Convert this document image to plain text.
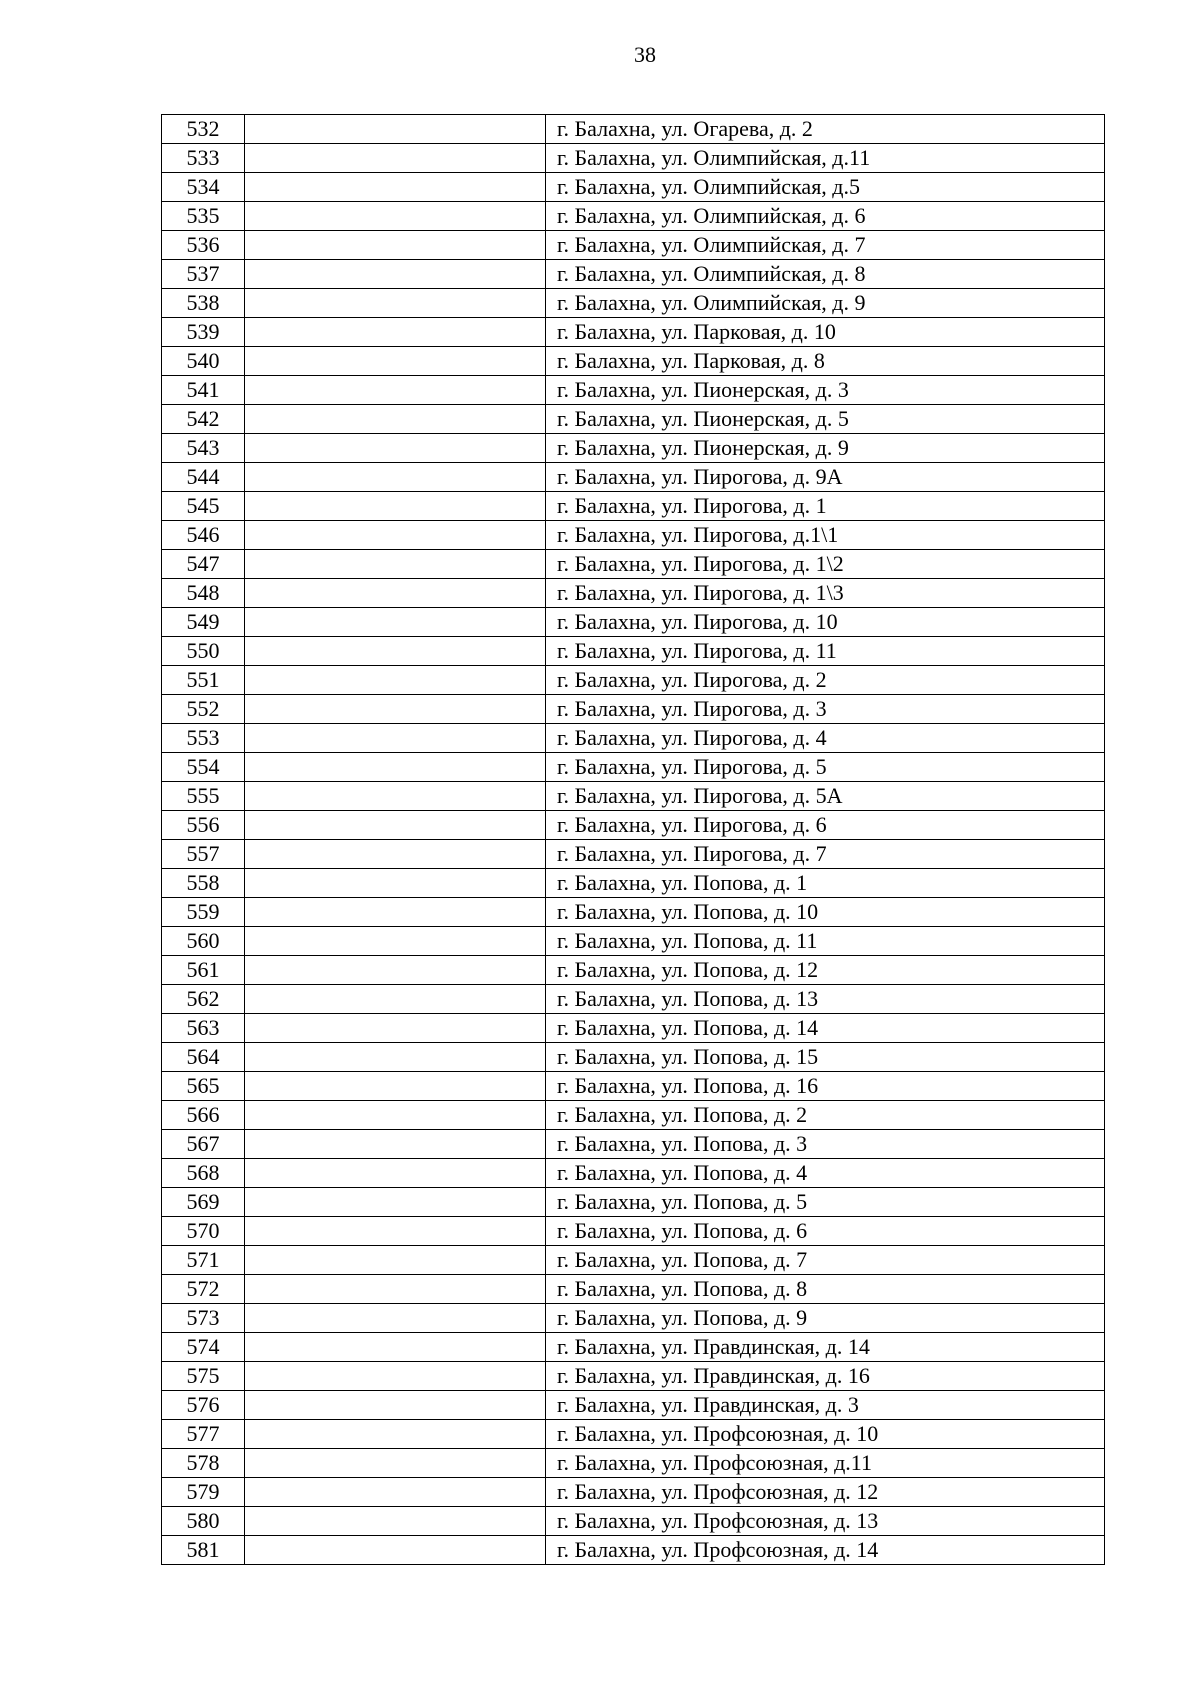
38
532		г. Балахна, ул. Огарева, д. 2
533		г. Балахна, ул. Олимпийская, д.11
534		г. Балахна, ул. Олимпийская, д.5
535		г. Балахна, ул. Олимпийская, д. 6
536		г. Балахна, ул. Олимпийская, д. 7
537		г. Балахна, ул. Олимпийская, д. 8
538		г. Балахна, ул. Олимпийская, д. 9
539		г. Балахна, ул. Парковая, д. 10
540		г. Балахна, ул. Парковая, д. 8
541		г. Балахна, ул. Пионерская, д. 3
542		г. Балахна, ул. Пионерская, д. 5
543		г. Балахна, ул. Пионерская, д. 9
544		г. Балахна, ул. Пирогова, д. 9А
545		г. Балахна, ул. Пирогова, д. 1
546		г. Балахна, ул. Пирогова, д.1\1
547		г. Балахна, ул. Пирогова, д. 1\2
548		г. Балахна, ул. Пирогова, д. 1\3
549		г. Балахна, ул. Пирогова, д. 10
550		г. Балахна, ул. Пирогова, д. 11
551		г. Балахна, ул. Пирогова, д. 2
552		г. Балахна, ул. Пирогова, д. 3
553		г. Балахна, ул. Пирогова, д. 4
554		г. Балахна, ул. Пирогова, д. 5
555		г. Балахна, ул. Пирогова, д. 5А
556		г. Балахна, ул. Пирогова, д. 6
557		г. Балахна, ул. Пирогова, д. 7
558		г. Балахна, ул. Попова, д. 1
559		г. Балахна, ул. Попова, д. 10
560		г. Балахна, ул. Попова, д. 11
561		г. Балахна, ул. Попова, д. 12
562		г. Балахна, ул. Попова, д. 13
563		г. Балахна, ул. Попова, д. 14
564		г. Балахна, ул. Попова, д. 15
565		г. Балахна, ул. Попова, д. 16
566		г. Балахна, ул. Попова, д. 2
567		г. Балахна, ул. Попова, д. 3
568		г. Балахна, ул. Попова, д. 4
569		г. Балахна, ул. Попова, д. 5
570		г. Балахна, ул. Попова, д. 6
571		г. Балахна, ул. Попова, д. 7
572		г. Балахна, ул. Попова, д. 8
573		г. Балахна, ул. Попова, д. 9
574		г. Балахна, ул. Правдинская, д. 14
575		г. Балахна, ул. Правдинская, д. 16
576		г. Балахна, ул. Правдинская, д. 3
577		г. Балахна, ул. Профсоюзная, д. 10
578		г. Балахна, ул. Профсоюзная, д.11
579		г. Балахна, ул. Профсоюзная, д. 12
580		г. Балахна, ул. Профсоюзная, д. 13
581		г. Балахна, ул. Профсоюзная, д. 14
